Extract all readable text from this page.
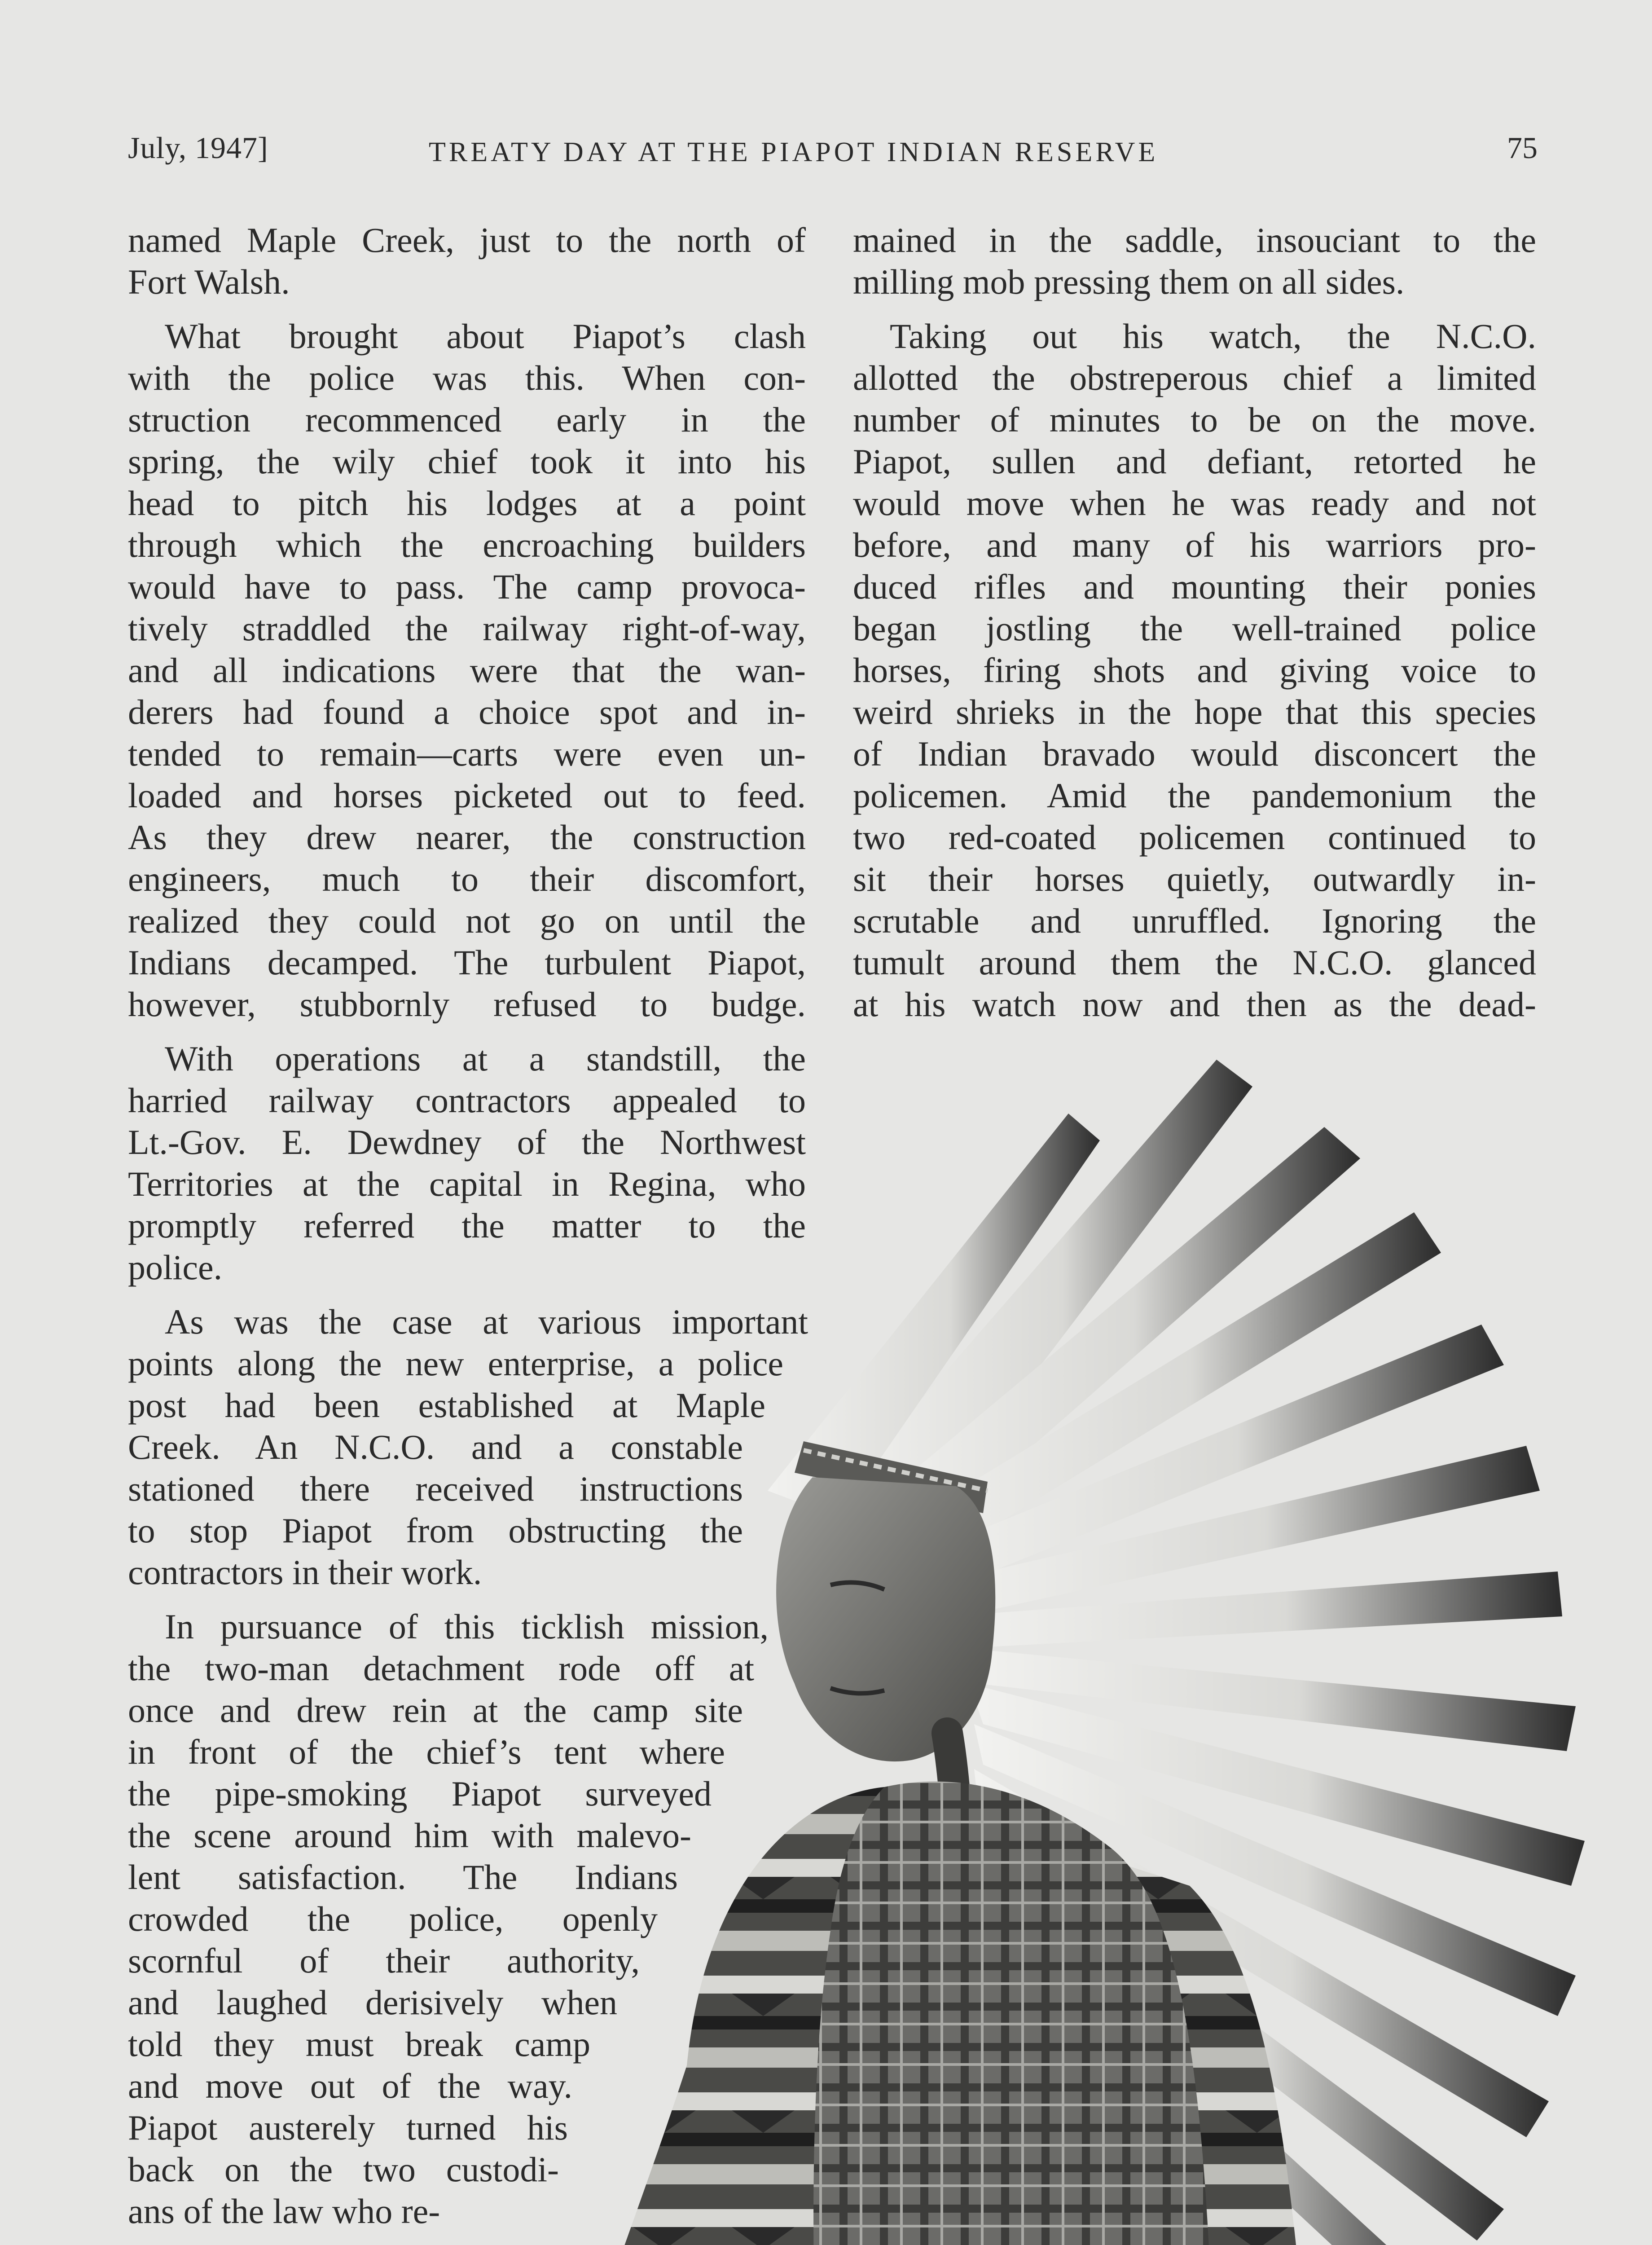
July, 1947]	TREATY DAY AT THE PIAPOT INDIAN RESERVE	75

named Maple Creek, just to the north of
Fort Walsh.

What brought about Piapot’s clash
with the police was this. When con-
struction recommenced early in the
spring, the wily chief took it into his
head to pitch his lodges at a point
through which the encroaching builders
would have to pass. The camp provoca-
tively straddled the railway right-of-way,
and all indications were that the wan-
derers had found a choice spot and in-
tended to remain—carts were even un-
loaded and horses picketed out to feed.
As they drew nearer, the construction
engineers, much to their discomfort,
realized they could not go on until the
Indians decamped. The turbulent Piapot,
however, stubbornly refused to budge.

With operations at a standstill, the
harried railway contractors appealed to
Lt.-Gov. E. Dewdney of the Northwest
Territories at the capital in Regina, who
promptly referred the matter to the
police.

As was the case at various important
points along the new enterprise, a police
post had been established at Maple
Creek. An N.C.O. and a constable
stationed there received instructions
to stop Piapot from obstructing the
contractors in their work.

In pursuance of this ticklish mission,
the two-man detachment rode off at
once and drew rein at the camp site
in front of the chief’s tent where
the pipe-smoking Piapot surveyed
the scene around him with malevo-
lent satisfaction. The Indians
crowded the police, openly
scornful of their authority,
and laughed derisively when
told they must break camp
and move out of the way.
Piapot austerely turned his
back on the two custodi-
ans of the law who re-

mained in the saddle, insouciant to the
milling mob pressing them on all sides.

Taking out his watch, the N.C.O.
allotted the obstreperous chief a limited
number of minutes to be on the move.
Piapot, sullen and defiant, retorted he
would move when he was ready and not
before, and many of his warriors pro-
duced rifles and mounting their ponies
began jostling the well-trained police
horses, firing shots and giving voice to
weird shrieks in the hope that this species
of Indian bravado would disconcert the
policemen. Amid the pandemonium the
two red-coated policemen continued to
sit their horses quietly, outwardly in-
scrutable and unruffled. Ignoring the
tumult around them the N.C.O. glanced
at his watch now and then as the dead-
